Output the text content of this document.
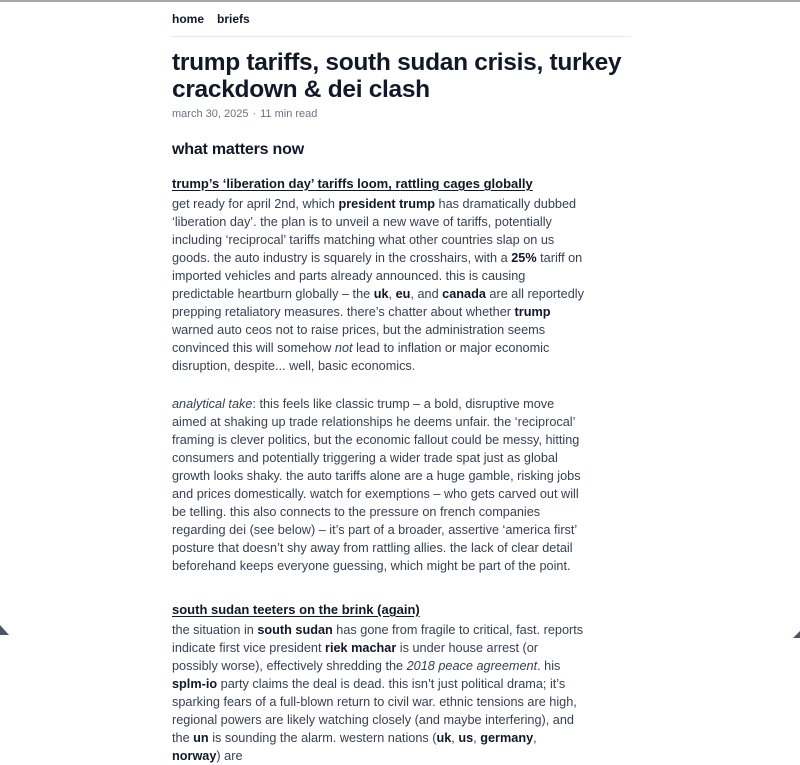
home briefs
trump tariffs, south sudan crisis, turkey crackdown & dei clash
march 30, 2025 · 11 min read
what matters now
trump’s ‘liberation day’ tariffs loom, rattling cages globally

get ready for april 2nd, which president trump has dramatically dubbed ‘liberation day’. the plan is to unveil a new wave of tariffs, potentially including ‘reciprocal’ tariffs matching what other countries slap on us goods. the auto industry is squarely in the crosshairs, with a 25% tariff on imported vehicles and parts already announced. this is causing predictable heartburn globally – the uk, eu, and canada are all reportedly prepping retaliatory measures. there’s chatter about whether trump warned auto ceos not to raise prices, but the administration seems convinced this will somehow not lead to inflation or major economic disruption, despite... well, basic economics.

analytical take: this feels like classic trump – a bold, disruptive move aimed at shaking up trade relationships he deems unfair. the ‘reciprocal’ framing is clever politics, but the economic fallout could be messy, hitting consumers and potentially triggering a wider trade spat just as global growth looks shaky. the auto tariffs alone are a huge gamble, risking jobs and prices domestically. watch for exemptions – who gets carved out will be telling. this also connects to the pressure on french companies regarding dei (see below) – it’s part of a broader, assertive ‘america first’ posture that doesn’t shy away from rattling allies. the lack of clear detail beforehand keeps everyone guessing, which might be part of the point.

south sudan teeters on the brink (again)

the situation in south sudan has gone from fragile to critical, fast. reports indicate first vice president riek machar is under house arrest (or possibly worse), effectively shredding the 2018 peace agreement. his splm-io party claims the deal is dead. this isn’t just political drama; it’s sparking fears of a full-blown return to civil war. ethnic tensions are high, regional powers are likely watching closely (and maybe interfering), and the un is sounding the alarm. western nations (uk, us, germany, norway) are
